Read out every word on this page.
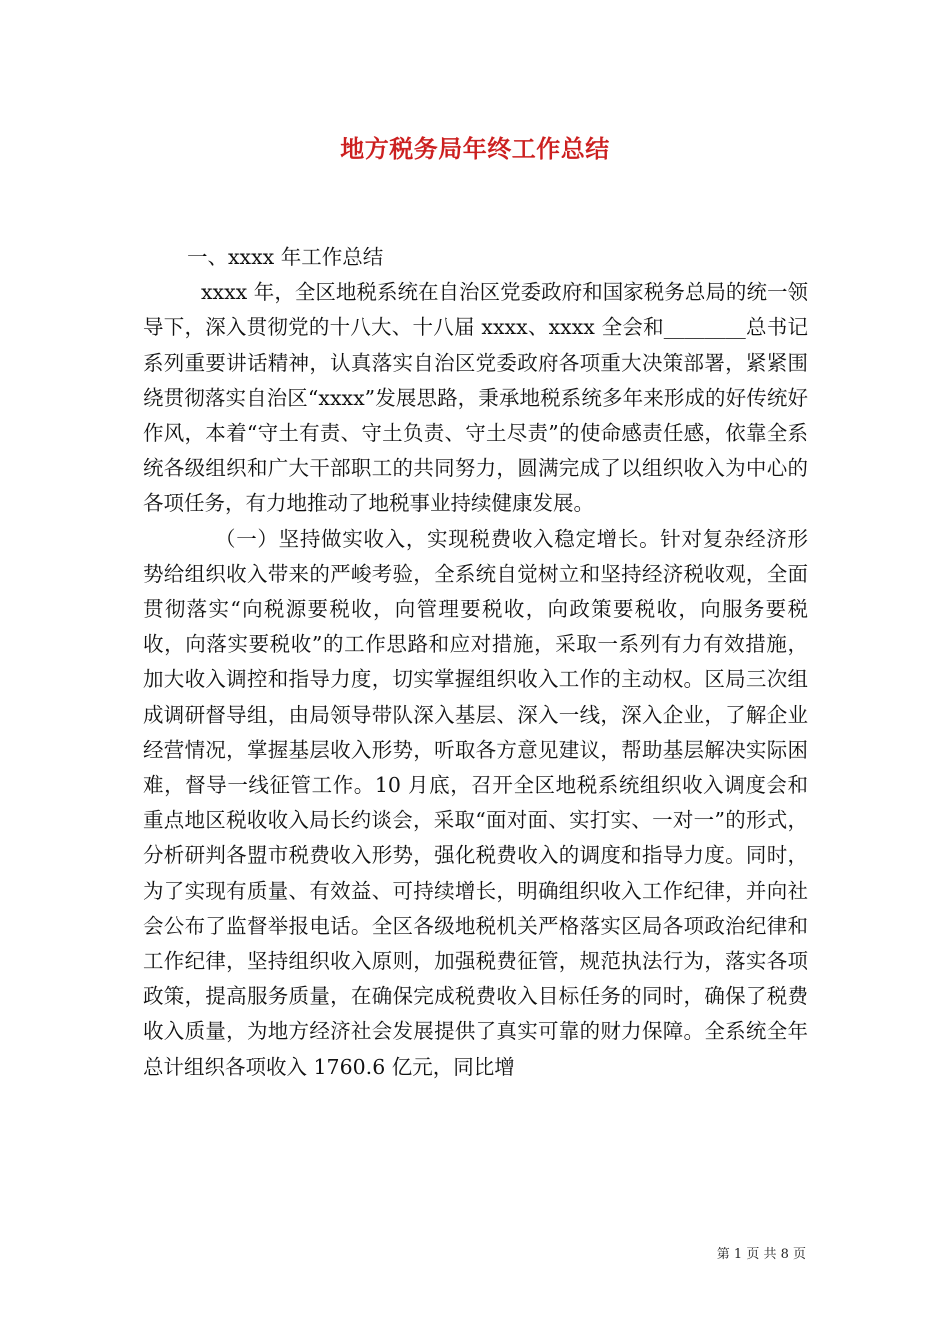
地方税务局年终工作总结

一、xxxx 年工作总结

xxxx 年，全区地税系统在自治区党委政府和国家税务总局的统一领导下，深入贯彻党的十八大、十八届 xxxx、xxxx 全会和________总书记系列重要讲话精神，认真落实自治区党委政府各项重大决策部署，紧紧围绕贯彻落实自治区“xxxx”发展思路，秉承地税系统多年来形成的好传统好作风，本着“守土有责、守土负责、守土尽责”的使命感责任感，依靠全系统各级组织和广大干部职工的共同努力，圆满完成了以组织收入为中心的各项任务，有力地推动了地税事业持续健康发展。

（一）坚持做实收入，实现税费收入稳定增长。针对复杂经济形势给组织收入带来的严峻考验，全系统自觉树立和坚持经济税收观，全面贯彻落实“向税源要税收，向管理要税收，向政策要税收，向服务要税收，向落实要税收”的工作思路和应对措施，采取一系列有力有效措施，加大收入调控和指导力度，切实掌握组织收入工作的主动权。区局三次组成调研督导组，由局领导带队深入基层、深入一线，深入企业，了解企业经营情况，掌握基层收入形势，听取各方意见建议，帮助基层解决实际困难，督导一线征管工作。10 月底，召开全区地税系统组织收入调度会和重点地区税收收入局长约谈会，采取“面对面、实打实、一对一”的形式，分析研判各盟市税费收入形势，强化税费收入的调度和指导力度。同时，为了实现有质量、有效益、可持续增长，明确组织收入工作纪律，并向社会公布了监督举报电话。全区各级地税机关严格落实区局各项政治纪律和工作纪律，坚持组织收入原则，加强税费征管，规范执法行为，落实各项政策，提高服务质量，在确保完成税费收入目标任务的同时，确保了税费收入质量，为地方经济社会发展提供了真实可靠的财力保障。全系统全年总计组织各项收入 1760.6 亿元，同比增

第 1 页 共 8 页
